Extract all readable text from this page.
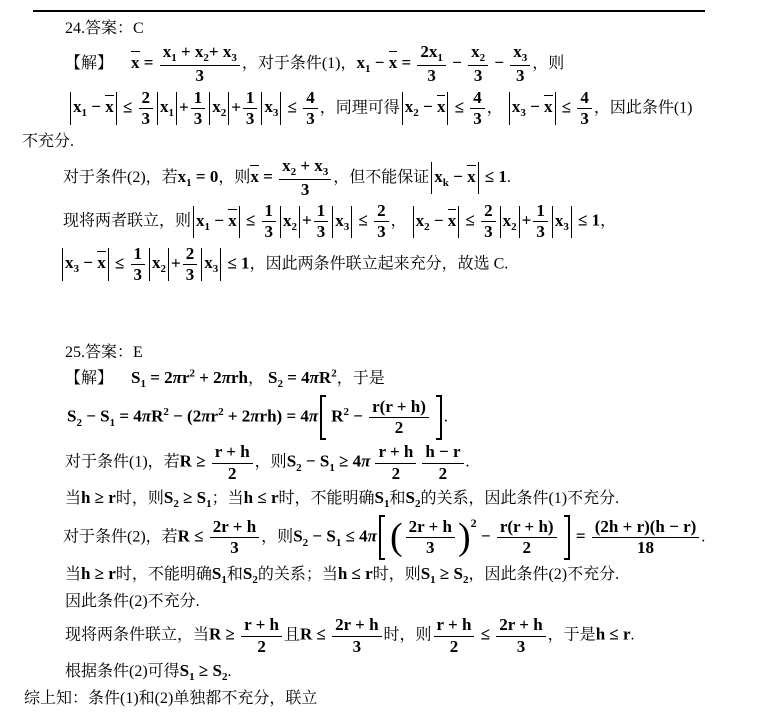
24.答案：C
【解】 $x = \frac{x_1 + x_2+ x_3}{3}$ ，对于条件(1)，$x_1 - x = \frac{2x_1}{3} - \frac{x_2}{3} - \frac{x_3}{3}$ ，则
$x_1 - x \le \frac{2}{3} x_1 + \frac{1}{3} x_2 + \frac{1}{3} x_3 \le \frac{4}{3}$ ，同理可得 $x_2 - x \le \frac{4}{3}$ ， $x_3 - x \le \frac{4}{3}$ ，因此条件(1)
不充分.
对于条件(2)，若$x_1 = 0$，则$x = \frac{x_2 + x_3}{3}$ ，但不能保证 $x_k - x \le 1$.
现将两者联立，则 $x_1 - x \le \frac{1}{3} x_2 + \frac{1}{3} x_3 \le \frac{2}{3}$ ， $x_2 - x \le \frac{2}{3} x_2 + \frac{1}{3} x_3 \le 1$，
$x_3 - x \le \frac{1}{3} x_2 + \frac{2}{3} x_3 \le 1$，因此两条件联立起来充分，故选 C.
25.答案：E
【解】 $S_1 = 2\pi r^2 + 2\pi rh$， $S_2 = 4\pi R^2$，于是
$S_2 - S_1 = 4\pi R^2 - (2\pi r^2 + 2\pi rh) = 4\pi$ $R^2 - \frac{r(r + h)}{2}$ .
对于条件(1)，若$R \ge \frac{r + h}{2}$ ，则$S_2 - S_1 \ge 4\pi \frac{r + h}{2} \frac{h - r}{2}$ .
当h ≥ r时，则$S_2 \ge S_1$；当h ≤ r时，不能明确$S_1$和$S_2$的关系，因此条件(1)不充分.
对于条件(2)，若$R \le \frac{2r + h}{3}$ ，则$S_2 - S_1 \le 4\pi$ ( $\frac{2r + h}{3}$ ) 2
− $\frac{r(r + h)}{2} = \frac{(2h + r)(h - r)}{18}$ .
当h ≥ r时，不能明确$S_1$和$S_2$的关系；当h ≤ r时，则$S_1 \ge S_2$，因此条件(2)不充分.
因此条件(2)不充分.
现将两条件联立，当$R \ge \frac{r + h}{2}$ 且$R \le \frac{2r + h}{3}$ 时，则 $\frac{r + h}{2} \le \frac{2r + h}{3}$ ，于是h ≤ r.
根据条件(2)可得$S_1 \ge S_2$.
综上知：条件(1)和(2)单独都不充分，联立
